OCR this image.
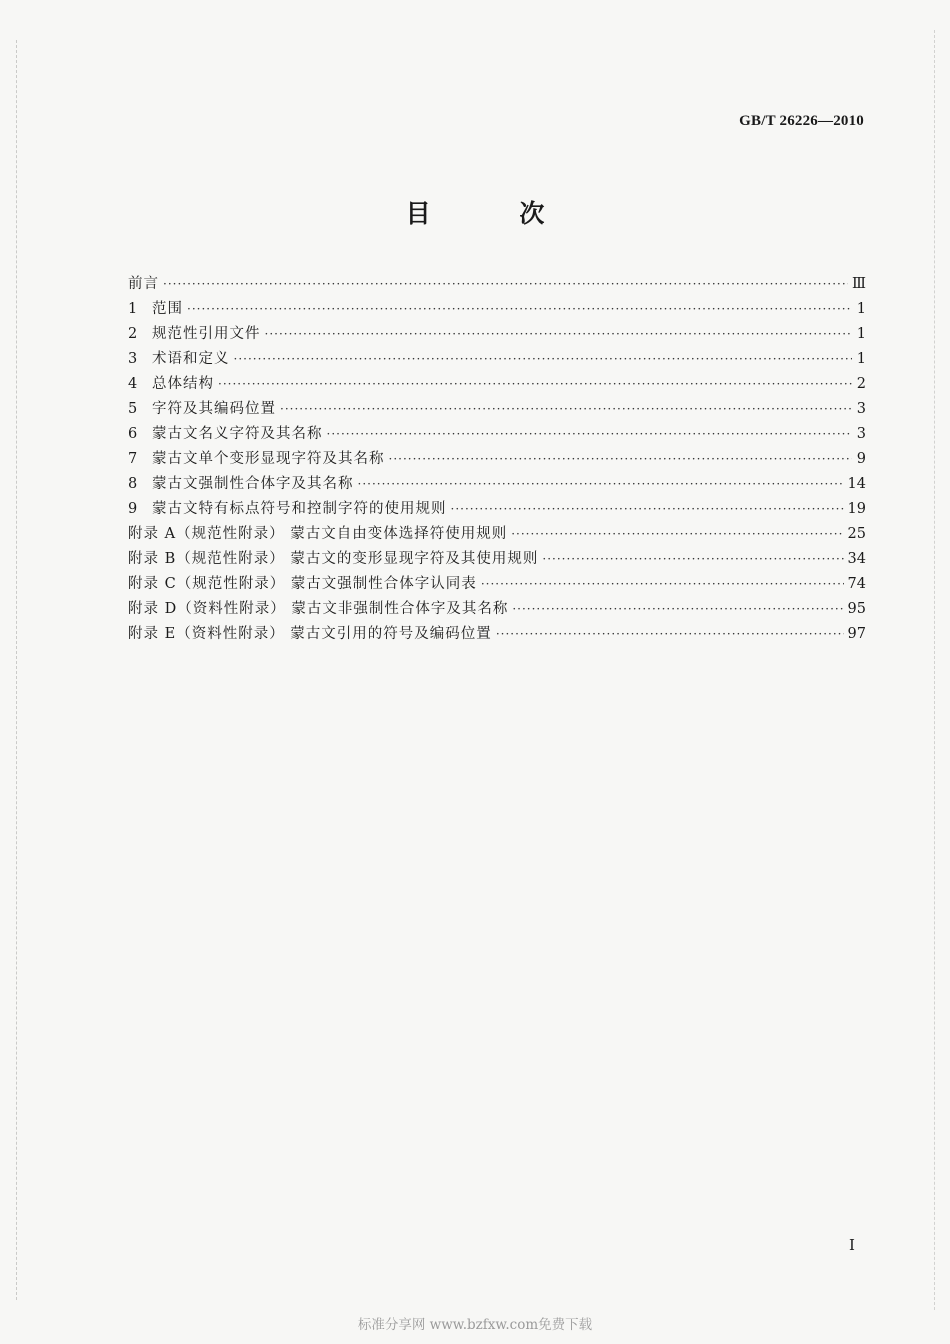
GB/T 26226—2010
目 次
前言 ·····	Ⅲ
1	范围 ·····	1
2	规范性引用文件 ·····	1
3	术语和定义 ·····	1
4	总体结构 ·····	2
5	字符及其编码位置 ·····	3
6	蒙古文名义字符及其名称 ·····	3
7	蒙古文单个变形显现字符及其名称 ·····	9
8	蒙古文强制性合体字及其名称 ·····	14
9	蒙古文特有标点符号和控制字符的使用规则 ·····	19
附录 A（规范性附录） 蒙古文自由变体选择符使用规则 ·····	25
附录 B（规范性附录） 蒙古文的变形显现字符及其使用规则 ·····	34
附录 C（规范性附录） 蒙古文强制性合体字认同表 ·····	74
附录 D（资料性附录） 蒙古文非强制性合体字及其名称 ·····	95
附录 E（资料性附录） 蒙古文引用的符号及编码位置 ·····	97
I
标准分享网 www.bzfxw.com免费下载
